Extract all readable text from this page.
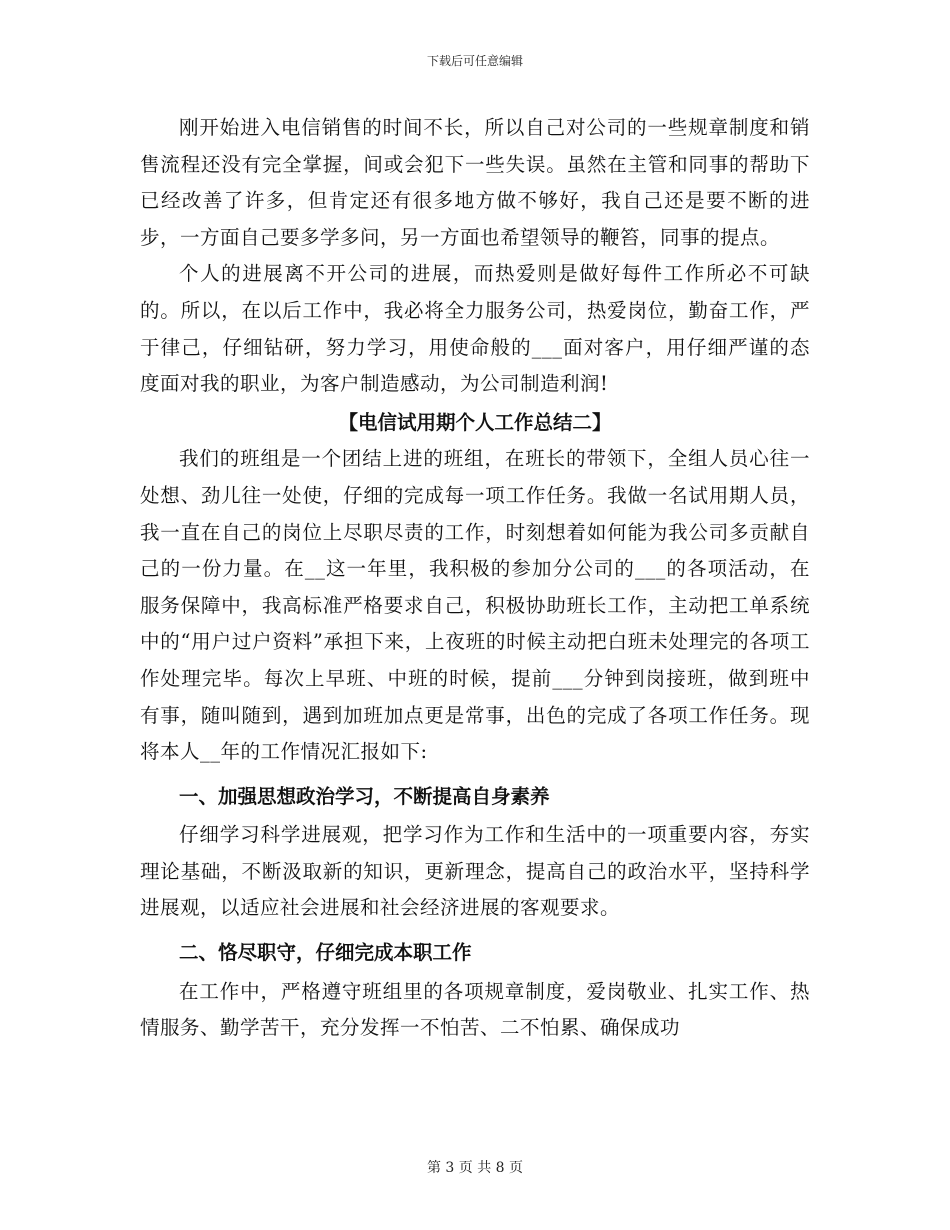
下载后可任意编辑

刚开始进入电信销售的时间不长，所以自己对公司的一些规章制度和销售流程还没有完全掌握，间或会犯下一些失误。虽然在主管和同事的帮助下已经改善了许多，但肯定还有很多地方做不够好，我自己还是要不断的进步，一方面自己要多学多问，另一方面也希望领导的鞭笞，同事的提点。

个人的进展离不开公司的进展，而热爱则是做好每件工作所必不可缺的。所以，在以后工作中，我必将全力服务公司，热爱岗位，勤奋工作，严于律己，仔细钻研，努力学习，用使命般的___面对客户，用仔细严谨的态度面对我的职业，为客户制造感动，为公司制造利润!

【电信试用期个人工作总结二】

我们的班组是一个团结上进的班组，在班长的带领下，全组人员心往一处想、劲儿往一处使，仔细的完成每一项工作任务。我做一名试用期人员，我一直在自己的岗位上尽职尽责的工作，时刻想着如何能为我公司多贡献自己的一份力量。在__这一年里，我积极的参加分公司的___的各项活动，在服务保障中，我高标准严格要求自己，积极协助班长工作，主动把工单系统中的“用户过户资料”承担下来，上夜班的时候主动把白班未处理完的各项工作处理完毕。每次上早班、中班的时候，提前___分钟到岗接班，做到班中有事，随叫随到，遇到加班加点更是常事，出色的完成了各项工作任务。现将本人__年的工作情况汇报如下:

一、加强思想政治学习，不断提高自身素养

仔细学习科学进展观，把学习作为工作和生活中的一项重要内容，夯实理论基础，不断汲取新的知识，更新理念，提高自己的政治水平，坚持科学进展观，以适应社会进展和社会经济进展的客观要求。

二、恪尽职守，仔细完成本职工作

在工作中，严格遵守班组里的各项规章制度，爱岗敬业、扎实工作、热情服务、勤学苦干，充分发挥一不怕苦、二不怕累、确保成功

第 3 页 共 8 页
